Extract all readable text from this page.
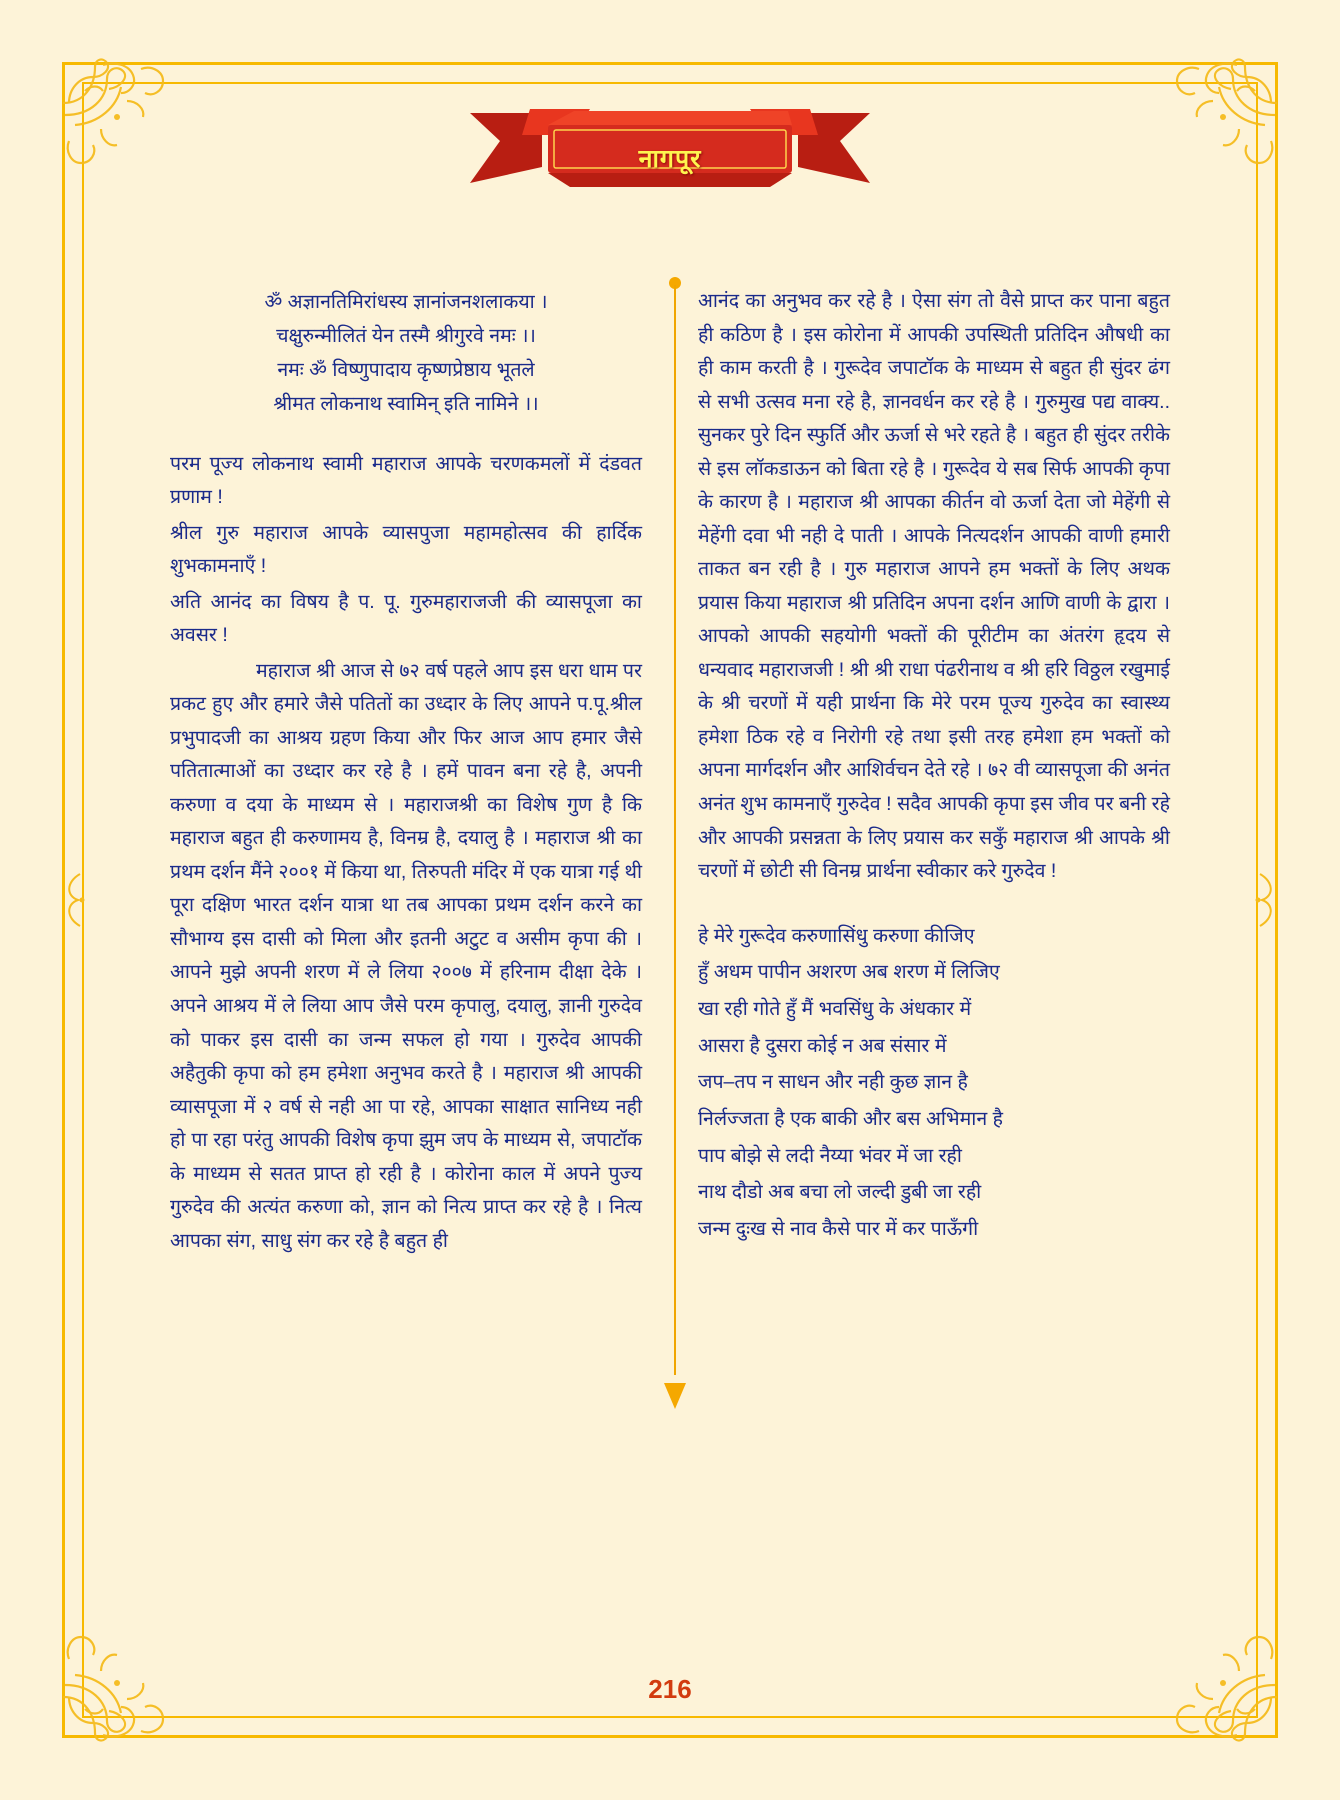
नागपूर
ॐ अज्ञानतिमिरांधस्य ज्ञानांजनशलाकया ।
चक्षुरुन्मीलितं येन तस्मै श्रीगुरवे नमः ।।
नमः ॐ विष्णुपादाय कृष्णप्रेष्ठाय भूतले
श्रीमत लोकनाथ स्वामिन् इति नामिने ।।

परम पूज्य लोकनाथ स्वामी महाराज आपके चरणकमलों में दंडवत प्रणाम !

श्रील गुरु महाराज आपके व्यासपुजा महामहोत्सव की हार्दिक शुभकामनाएँ !

अति आनंद का विषय है प. पू. गुरुमहाराजजी की व्यासपूजा का अवसर !

महाराज श्री आज से ७२ वर्ष पहले आप इस धरा धाम पर प्रकट हुए और हमारे जैसे पतितों का उध्दार के लिए आपने प.पू.श्रील प्रभुपादजी का आश्रय ग्रहण किया और फिर आज आप हमार जैसे पतितात्माओं का उध्दार कर रहे है । हमें पावन बना रहे है, अपनी करुणा व दया के माध्यम से । महाराजश्री का विशेष गुण है कि महाराज बहुत ही करुणामय है, विनम्र है, दयालु है । महाराज श्री का प्रथम दर्शन मैंने २००१ में किया था, तिरुपती मंदिर में एक यात्रा गई थी पूरा दक्षिण भारत दर्शन यात्रा था तब आपका प्रथम दर्शन करने का सौभाग्य इस दासी को मिला और इतनी अटुट व असीम कृपा की । आपने मुझे अपनी शरण में ले लिया २००७ में हरिनाम दीक्षा देके । अपने आश्रय में ले लिया आप जैसे परम कृपालु, दयालु, ज्ञानी गुरुदेव को पाकर इस दासी का जन्म सफल हो गया । गुरुदेव आपकी अहैतुकी कृपा को हम हमेशा अनुभव करते है । महाराज श्री आपकी व्यासपूजा में २ वर्ष से नही आ पा रहे, आपका साक्षात सानिध्य नही हो पा रहा परंतु आपकी विशेष कृपा झुम जप के माध्यम से, जपाटॉक के माध्यम से सतत प्राप्त हो रही है । कोरोना काल में अपने पुज्य गुरुदेव की अत्यंत करुणा को, ज्ञान को नित्य प्राप्त कर रहे है । नित्य आपका संग, साधु संग कर रहे है बहुत ही

आनंद का अनुभव कर रहे है । ऐसा संग तो वैसे प्राप्त कर पाना बहुत ही कठिण है । इस कोरोना में आपकी उपस्थिती प्रतिदिन औषधी का ही काम करती है । गुरूदेव जपाटॉक के माध्यम से बहुत ही सुंदर ढंग से सभी उत्सव मना रहे है, ज्ञानवर्धन कर रहे है । गुरुमुख पद्य वाक्य.. सुनकर पुरे दिन स्फुर्ति और ऊर्जा से भरे रहते है । बहुत ही सुंदर तरीके से इस लॉकडाऊन को बिता रहे है । गुरूदेव ये सब सिर्फ आपकी कृपा के कारण है । महाराज श्री आपका कीर्तन वो ऊर्जा देता जो मेहेंगी से मेहेंगी दवा भी नही दे पाती । आपके नित्यदर्शन आपकी वाणी हमारी ताकत बन रही है । गुरु महाराज आपने हम भक्तों के लिए अथक प्रयास किया महाराज श्री प्रतिदिन अपना दर्शन आणि वाणी के द्वारा । आपको आपकी सहयोगी भक्तों की पूरीटीम का अंतरंग हृदय से धन्यवाद महाराजजी ! श्री श्री राधा पंढरीनाथ व श्री हरि विठ्ठल रखुमाई के श्री चरणों में यही प्रार्थना कि मेरे परम पूज्य गुरुदेव का स्वास्थ्य हमेशा ठिक रहे व निरोगी रहे तथा इसी तरह हमेशा हम भक्तों को अपना मार्गदर्शन और आशिर्वचन देते रहे । ७२ वी व्यासपूजा की अनंत अनंत शुभ कामनाएँ गुरुदेव ! सदैव आपकी कृपा इस जीव पर बनी रहे और आपकी प्रसन्नता के लिए प्रयास कर सकुँ महाराज श्री आपके श्री चरणों में छोटी सी विनम्र प्रार्थना स्वीकार करे गुरुदेव !

हे मेरे गुरूदेव करुणासिंधु करुणा कीजिए

हुँ अधम पापीन अशरण अब शरण में लिजिए

खा रही गोते हुँ मैं भवसिंधु के अंधकार में

आसरा है दुसरा कोई न अब संसार में

जप–तप न साधन और नही कुछ ज्ञान है

निर्लज्जता है एक बाकी और बस अभिमान है

पाप बोझे से लदी नैय्या भंवर में जा रही

नाथ दौडो अब बचा लो जल्दी डुबी जा रही

जन्म दुःख से नाव कैसे पार में कर पाऊँगी

216
